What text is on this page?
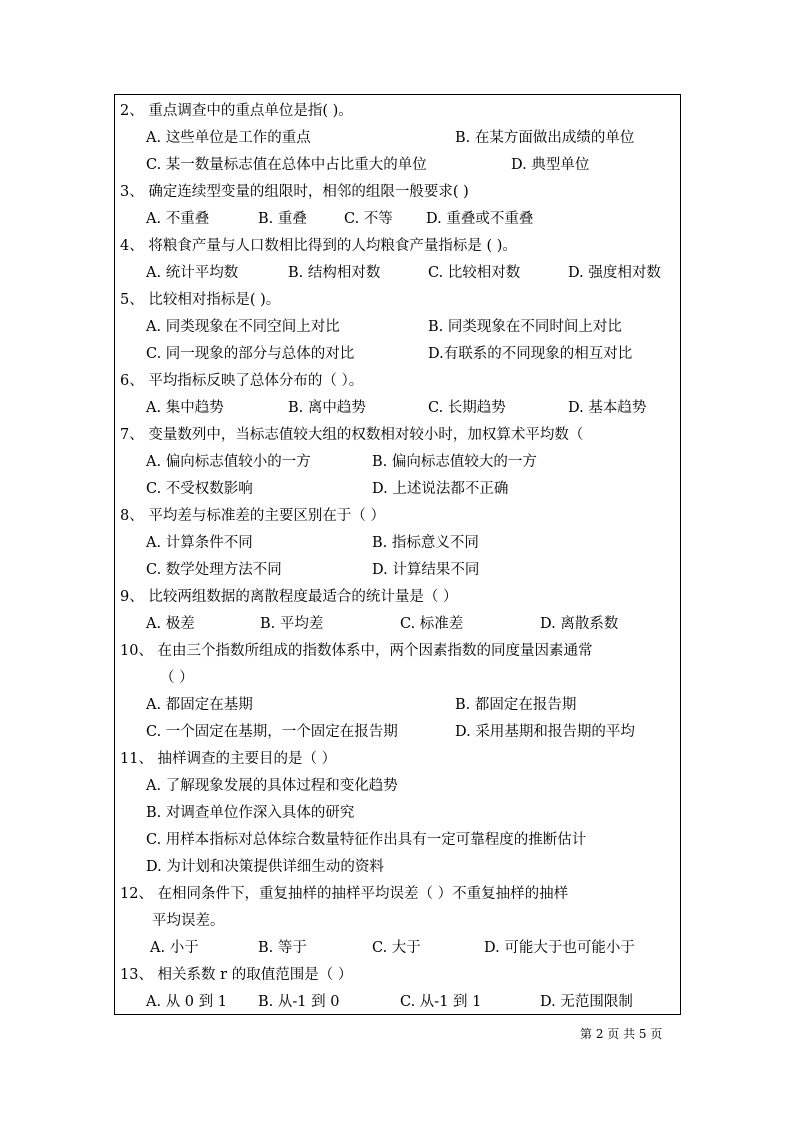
2、 重点调查中的重点单位是指( )。
A. 这些单位是工作的重点	B. 在某方面做出成绩的单位
C. 某一数量标志值在总体中占比重大的单位	D. 典型单位
3、 确定连续型变量的组限时，相邻的组限一般要求( )
A. 不重叠	B. 重叠	C. 不等 D. 重叠或不重叠
4、 将粮食产量与人口数相比得到的人均粮食产量指标是 ( )。
A. 统计平均数	B. 结构相对数	C. 比较相对数	D. 强度相对数
5、 比较相对指标是( )。
A. 同类现象在不同空间上对比	B. 同类现象在不同时间上对比
C. 同一现象的部分与总体的对比	D.有联系的不同现象的相互对比
6、 平均指标反映了总体分布的（ ）。
A. 集中趋势	B. 离中趋势	C. 长期趋势	D. 基本趋势
7、 变量数列中，当标志值较大组的权数相对较小时，加权算术平均数（
A. 偏向标志值较小的一方	B. 偏向标志值较大的一方
C. 不受权数影响	D. 上述说法都不正确
8、 平均差与标准差的主要区别在于（ ）
A. 计算条件不同	B. 指标意义不同
C. 数学处理方法不同	D. 计算结果不同
9、 比较两组数据的离散程度最适合的统计量是（ ）
A. 极差	B. 平均差	C. 标准差	D. 离散系数
10、 在由三个指数所组成的指数体系中，两个因素指数的同度量因素通常
（ ）
A. 都固定在基期	B. 都固定在报告期
C. 一个固定在基期，一个固定在报告期	D. 采用基期和报告期的平均
11、 抽样调查的主要目的是（ ）
A. 了解现象发展的具体过程和变化趋势
B. 对调查单位作深入具体的研究
C. 用样本指标对总体综合数量特征作出具有一定可靠程度的推断估计
D. 为计划和决策提供详细生动的资料
12、 在相同条件下，重复抽样的抽样平均误差（ ）不重复抽样的抽样
平均误差。
A. 小于	B. 等于	C. 大于	D. 可能大于也可能小于
13、 相关系数 r 的取值范围是（ ）
A. 从 0 到 1 B. 从-1 到 0	C. 从-1 到 1	D. 无范围限制
第 2 页 共 5 页
